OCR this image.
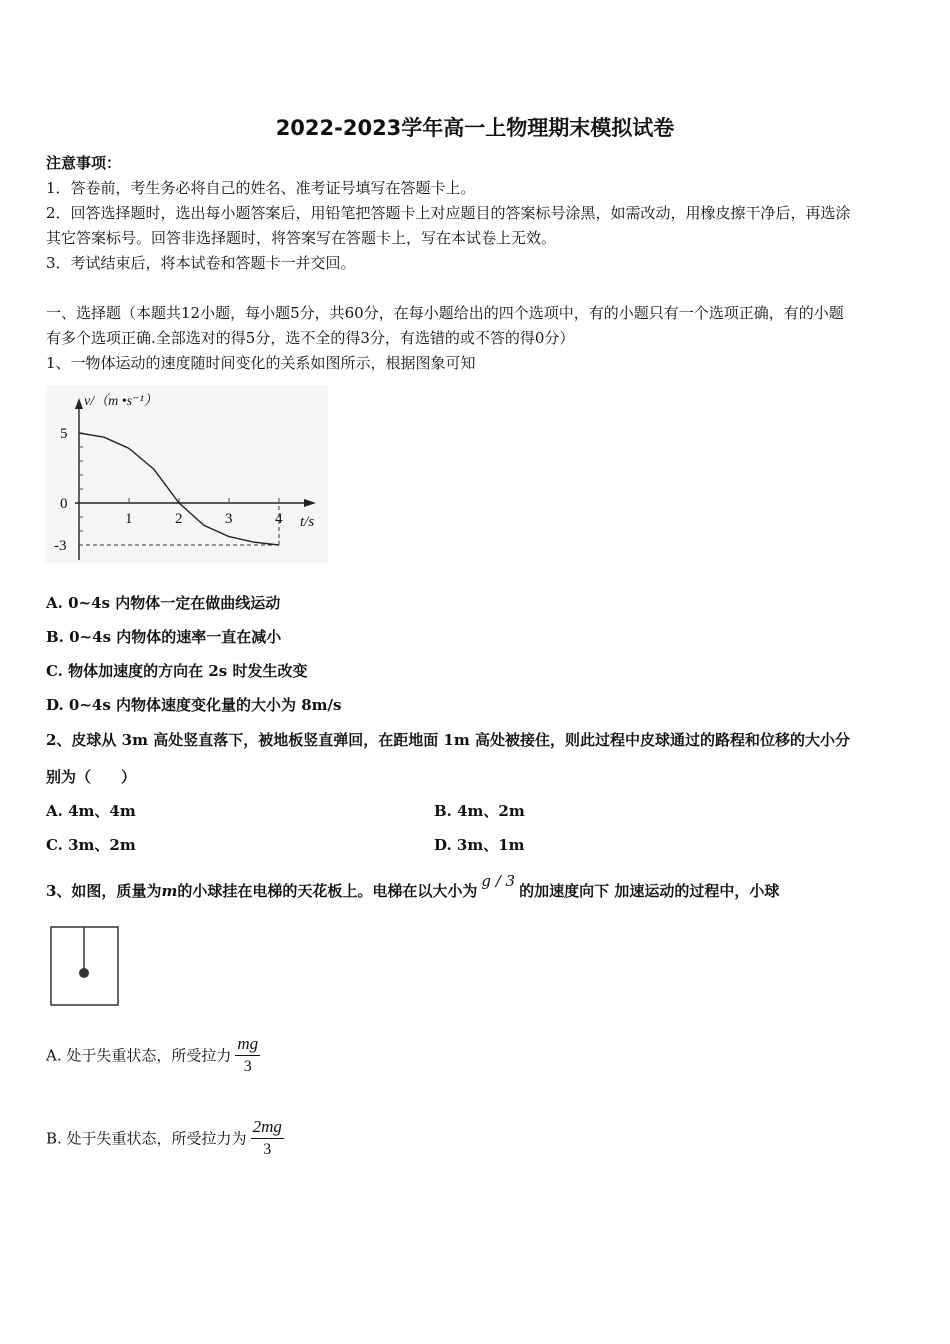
2022-2023学年高一上物理期末模拟试卷
注意事项：
1．答卷前，考生务必将自己的姓名、准考证号填写在答题卡上。
2．回答选择题时，选出每小题答案后，用铅笔把答题卡上对应题目的答案标号涂黑，如需改动，用橡皮擦干净后，再选涂
其它答案标号。回答非选择题时，将答案写在答题卡上，写在本试卷上无效。
3．考试结束后，将本试卷和答题卡一并交回。
一、选择题（本题共12小题，每小题5分，共60分，在每小题给出的四个选项中，有的小题只有一个选项正确，有的小题
有多个选项正确.全部选对的得5分，选不全的得3分，有选错的或不答的得0分）
1、一物体运动的速度随时间变化的关系如图所示，根据图象可知
5
0
-3
1	2	3	4
v/（m •s⁻¹）
t/s
A. 0~4s 内物体一定在做曲线运动
B. 0~4s 内物体的速率一直在减小
C. 物体加速度的方向在 2s 时发生改变
D. 0~4s 内物体速度变化量的大小为 8m/s
2、皮球从 3m 高处竖直落下，被地板竖直弹回，在距地面 1m 高处被接住，则此过程中皮球通过的路程和位移的大小分
别为（　　）
A. 4m、4m	B. 4m、2m
C. 3m、2m	D. 3m、1m
3、如图，质量为m的小球挂在电梯的天花板上。电梯在以大小为g / 3的加速度向下 加速运动的过程中，小球
A. 处于失重状态，所受拉力 $\frac{mg}{3}$
B. 处于失重状态，所受拉力为 $\frac{2mg}{3}$
